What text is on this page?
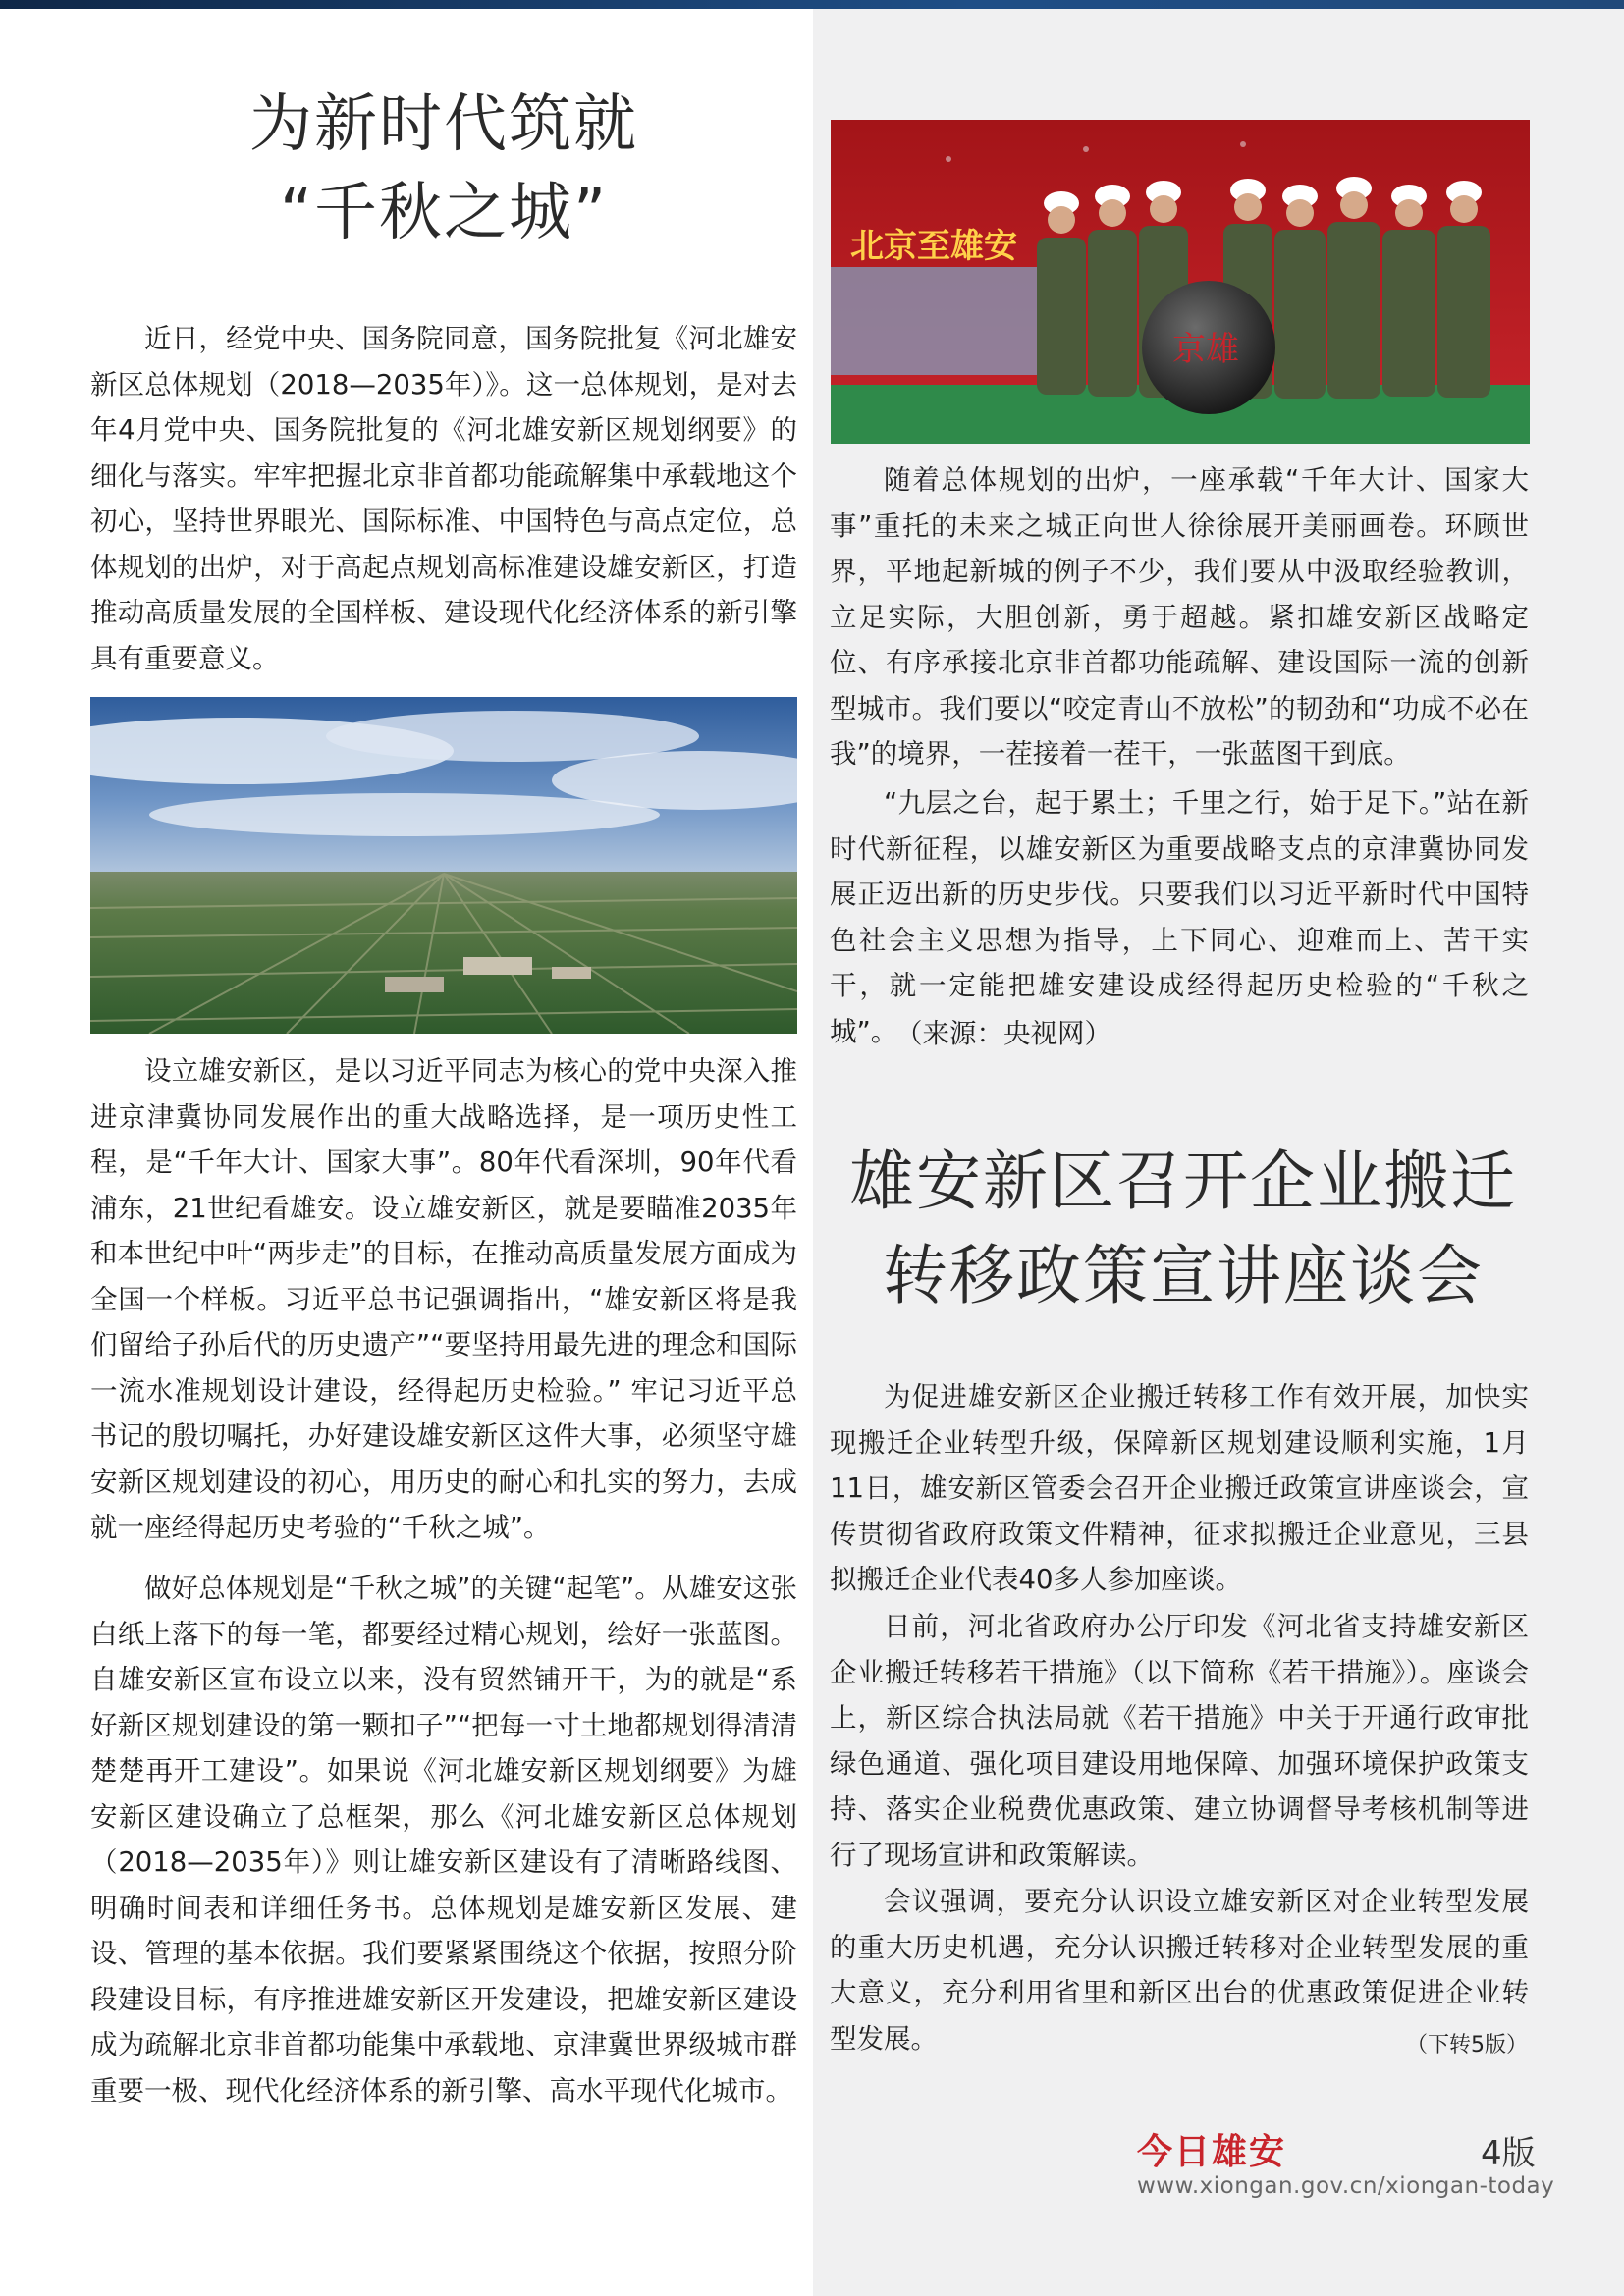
为新时代筑就
“千秋之城”

近日，经党中央、国务院同意，国务院批复《河北雄安新区总体规划（2018—2035年）》。这一总体规划，是对去年4月党中央、国务院批复的《河北雄安新区规划纲要》的细化与落实。牢牢把握北京非首都功能疏解集中承载地这个初心，坚持世界眼光、国际标准、中国特色与高点定位，总体规划的出炉，对于高起点规划高标准建设雄安新区，打造推动高质量发展的全国样板、建设现代化经济体系的新引擎具有重要意义。

设立雄安新区，是以习近平同志为核心的党中央深入推进京津冀协同发展作出的重大战略选择，是一项历史性工程，是“千年大计、国家大事”。80年代看深圳，90年代看浦东，21世纪看雄安。设立雄安新区，就是要瞄准2035年和本世纪中叶“两步走”的目标，在推动高质量发展方面成为全国一个样板。习近平总书记强调指出，“雄安新区将是我们留给子孙后代的历史遗产”“要坚持用最先进的理念和国际一流水准规划设计建设，经得起历史检验。” 牢记习近平总书记的殷切嘱托，办好建设雄安新区这件大事，必须坚守雄安新区规划建设的初心，用历史的耐心和扎实的努力，去成就一座经得起历史考验的“千秋之城”。

做好总体规划是“千秋之城”的关键“起笔”。从雄安这张白纸上落下的每一笔，都要经过精心规划，绘好一张蓝图。自雄安新区宣布设立以来，没有贸然铺开干，为的就是“系好新区规划建设的第一颗扣子”“把每一寸土地都规划得清清楚楚再开工建设”。如果说《河北雄安新区规划纲要》为雄安新区建设确立了总框架，那么《河北雄安新区总体规划（2018—2035年）》则让雄安新区建设有了清晰路线图、明确时间表和详细任务书。总体规划是雄安新区发展、建设、管理的基本依据。我们要紧紧围绕这个依据，按照分阶段建设目标，有序推进雄安新区开发建设，把雄安新区建设成为疏解北京非首都功能集中承载地、京津冀世界级城市群重要一极、现代化经济体系的新引擎、高水平现代化城市。

北京至雄安
京雄

随着总体规划的出炉，一座承载“千年大计、国家大事”重托的未来之城正向世人徐徐展开美丽画卷。环顾世界，平地起新城的例子不少，我们要从中汲取经验教训，立足实际，大胆创新，勇于超越。紧扣雄安新区战略定位、有序承接北京非首都功能疏解、建设国际一流的创新型城市。我们要以“咬定青山不放松”的韧劲和“功成不必在我”的境界，一茬接着一茬干，一张蓝图干到底。

“九层之台，起于累土；千里之行，始于足下。”站在新时代新征程，以雄安新区为重要战略支点的京津冀协同发展正迈出新的历史步伐。只要我们以习近平新时代中国特色社会主义思想为指导，上下同心、迎难而上、苦干实干，就一定能把雄安建设成经得起历史检验的“千秋之城”。

（来源：央视网）
雄安新区召开企业搬迁
转移政策宣讲座谈会

为促进雄安新区企业搬迁转移工作有效开展，加快实现搬迁企业转型升级，保障新区规划建设顺利实施，1月11日，雄安新区管委会召开企业搬迁政策宣讲座谈会，宣传贯彻省政府政策文件精神，征求拟搬迁企业意见，三县拟搬迁企业代表40多人参加座谈。

日前，河北省政府办公厅印发《河北省支持雄安新区企业搬迁转移若干措施》（以下简称《若干措施》）。座谈会上，新区综合执法局就《若干措施》中关于开通行政审批绿色通道、强化项目建设用地保障、加强环境保护政策支持、落实企业税费优惠政策、建立协调督导考核机制等进行了现场宣讲和政策解读。

会议强调，要充分认识设立雄安新区对企业转型发展的重大历史机遇，充分认识搬迁转移对企业转型发展的重大意义，充分利用省里和新区出台的优惠政策促进企业转型发展。	（下转5版）
今日雄安	4版
www.xiongan.gov.cn/xiongan-today
